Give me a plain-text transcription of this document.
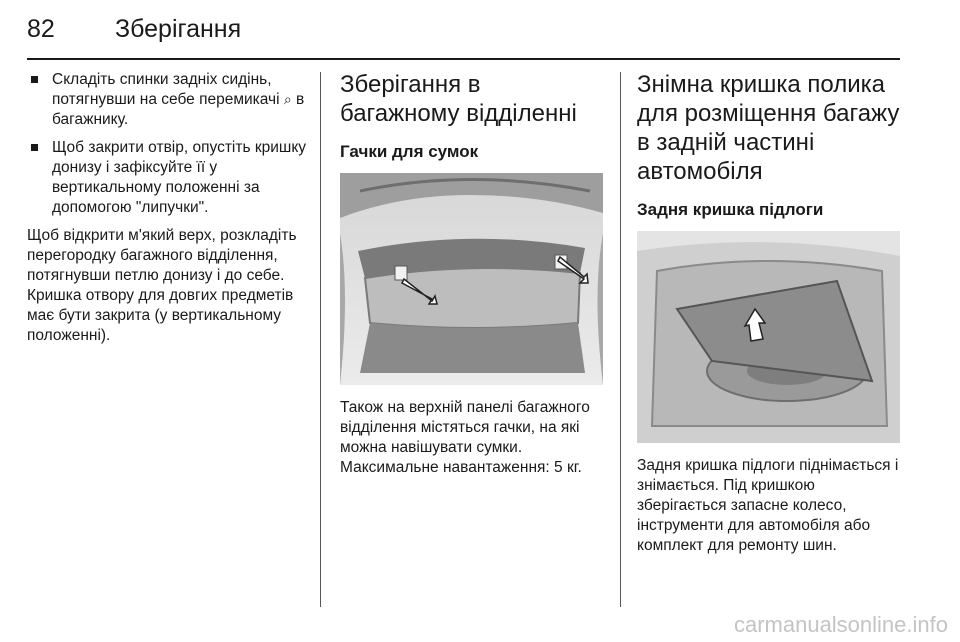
82 Зберігання
Складіть спинки задніх сидінь, потягнувши на себе перемикачі ⌕ в багажнику.
Щоб закрити отвір, опустіть кришку донизу і зафіксуйте її у вертикальному положенні за допомогою "липучки".

Щоб відкрити м'який верх, розкладіть перегородку багажного відділення, потягнувши петлю донизу і до себе. Кришка отвору для довгих предметів має бути закрита (у вертикальному положенні).

Зберігання в багажному відділенні
Гачки для сумок

Також на верхній панелі багажного відділення містяться гачки, на які можна навішувати сумки. Максимальне навантаження: 5 кг.

Знімна кришка полика для розміщення багажу в задній частині автомобіля
Задня кришка підлоги

Задня кришка підлоги піднімається і знімається. Під кришкою зберігається запасне колесо, інструменти для автомобіля або комплект для ремонту шин.

carmanualsonline.info
